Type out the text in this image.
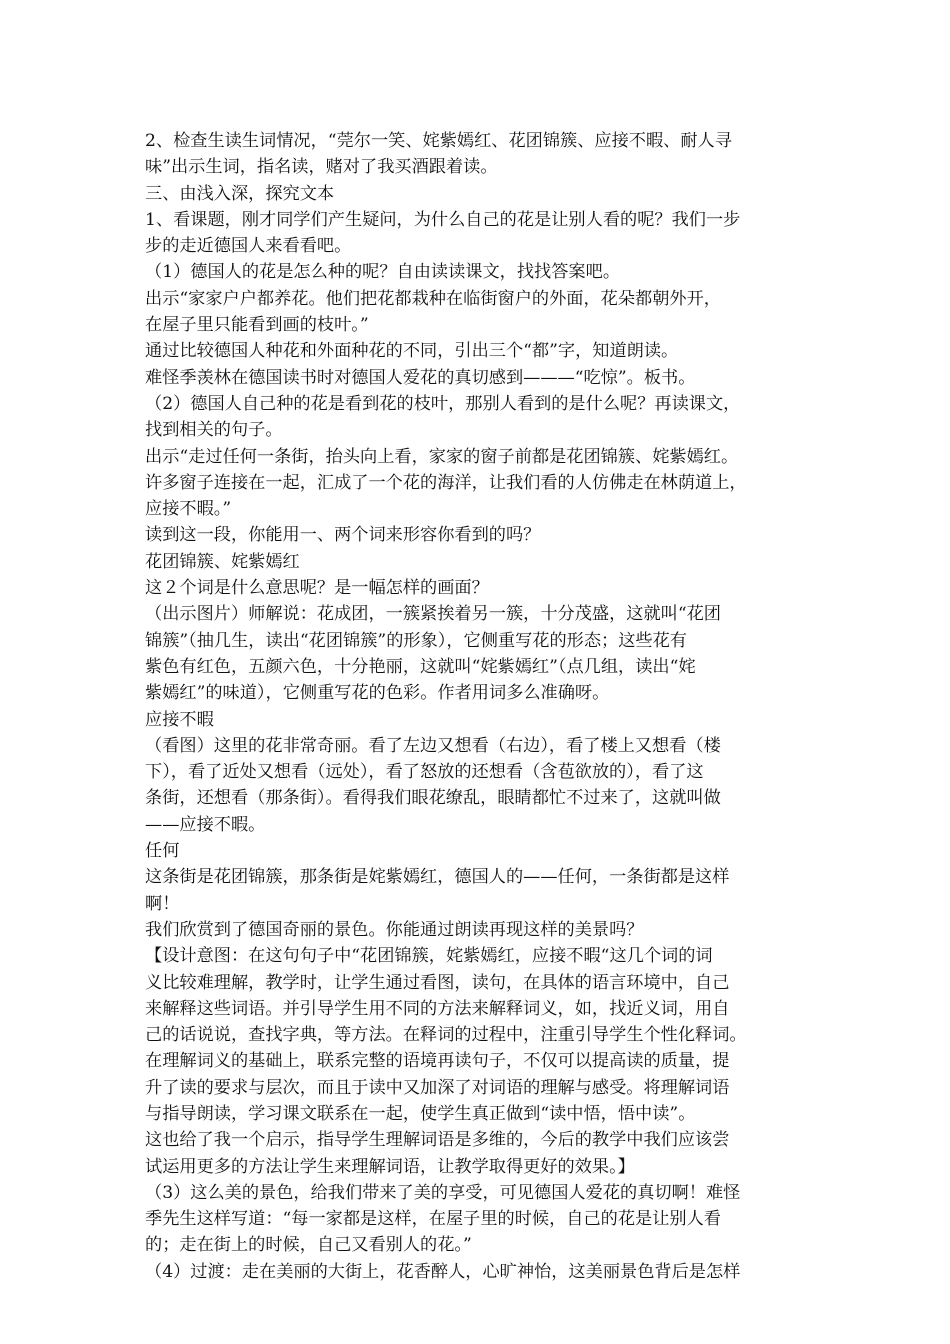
2、检查生读生词情况，“莞尔一笑、姹紫嫣红、花团锦簇、应接不暇、耐人寻
味”出示生词，指名读，赌对了我买酒跟着读。
三、由浅入深，探究文本
1、看课题，刚才同学们产生疑问，为什么自己的花是让别人看的呢？我们一步
步的走近德国人来看看吧。
（1）德国人的花是怎么种的呢？自由读读课文，找找答案吧。
出示“家家户户都养花。他们把花都栽种在临街窗户的外面，花朵都朝外开，
在屋子里只能看到画的枝叶。”
通过比较德国人种花和外面种花的不同，引出三个“都”字，知道朗读。
难怪季羡林在德国读书时对德国人爱花的真切感到———“吃惊”。板书。
（2）德国人自己种的花是看到花的枝叶，那别人看到的是什么呢？再读课文，
找到相关的句子。
出示“走过任何一条街，抬头向上看，家家的窗子前都是花团锦簇、姹紫嫣红。
许多窗子连接在一起，汇成了一个花的海洋，让我们看的人仿佛走在林荫道上，
应接不暇。”
读到这一段，你能用一、两个词来形容你看到的吗？
花团锦簇、姹紫嫣红
这２个词是什么意思呢？是一幅怎样的画面？
（出示图片）师解说：花成团，一簇紧挨着另一簇，十分茂盛，这就叫“花团
锦簇”（抽几生，读出“花团锦簇”的形象），它侧重写花的形态；这些花有
紫色有红色，五颜六色，十分艳丽，这就叫“姹紫嫣红”（点几组，读出“姹
紫嫣红”的味道），它侧重写花的色彩。作者用词多么准确呀。
应接不暇
（看图）这里的花非常奇丽。看了左边又想看（右边），看了楼上又想看（楼
下），看了近处又想看（远处），看了怒放的还想看（含苞欲放的），看了这
条街，还想看（那条街）。看得我们眼花缭乱，眼睛都忙不过来了，这就叫做
——应接不暇。
任何
这条街是花团锦簇，那条街是姹紫嫣红，德国人的——任何，一条街都是这样
啊！
我们欣赏到了德国奇丽的景色。你能通过朗读再现这样的美景吗？
【设计意图：在这句句子中“花团锦簇，姹紫嫣红，应接不暇“这几个词的词
义比较难理解，教学时，让学生通过看图，读句，在具体的语言环境中，自己
来解释这些词语。并引导学生用不同的方法来解释词义，如，找近义词，用自
己的话说说，查找字典，等方法。在释词的过程中，注重引导学生个性化释词。
在理解词义的基础上，联系完整的语境再读句子，不仅可以提高读的质量，提
升了读的要求与层次，而且于读中又加深了对词语的理解与感受。将理解词语
与指导朗读，学习课文联系在一起，使学生真正做到“读中悟，悟中读”。
这也给了我一个启示，指导学生理解词语是多维的，今后的教学中我们应该尝
试运用更多的方法让学生来理解词语，让教学取得更好的效果。】
（3）这么美的景色，给我们带来了美的享受，可见德国人爱花的真切啊！难怪
季先生这样写道：“每一家都是这样，在屋子里的时候，自己的花是让别人看
的；走在街上的时候，自己又看别人的花。”
（4）过渡：走在美丽的大街上，花香醉人，心旷神怡，这美丽景色背后是怎样
